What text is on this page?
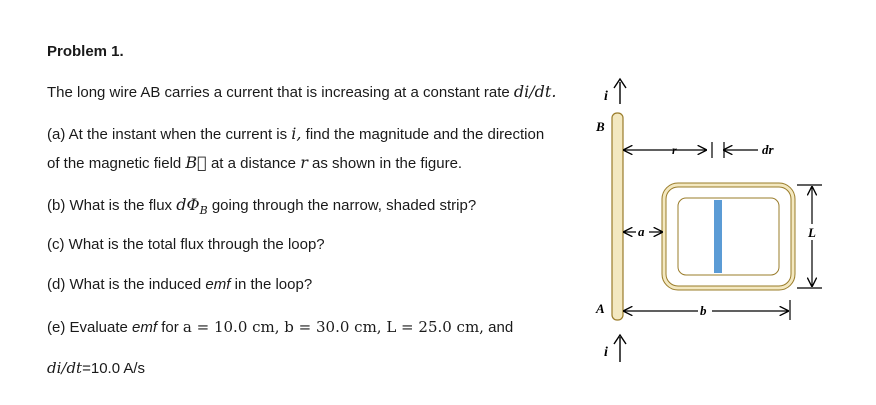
Problem 1.
The long wire AB carries a current that is increasing at a constant rate di/dt.
(a) At the instant when the current is i, find the magnitude and the direction
of the magnetic field B⃗ at a distance r as shown in the figure.
(b) What is the flux $d\Phi_B$ going through the narrow, shaded strip?
(c) What is the total flux through the loop?
(d) What is the induced emf in the loop?
(e) Evaluate emf for a = 10.0 cm, b = 30.0 cm, L = 25.0 cm, and
di/dt=10.0 A/s
i
B
A
i
r	dr
a	L
b
